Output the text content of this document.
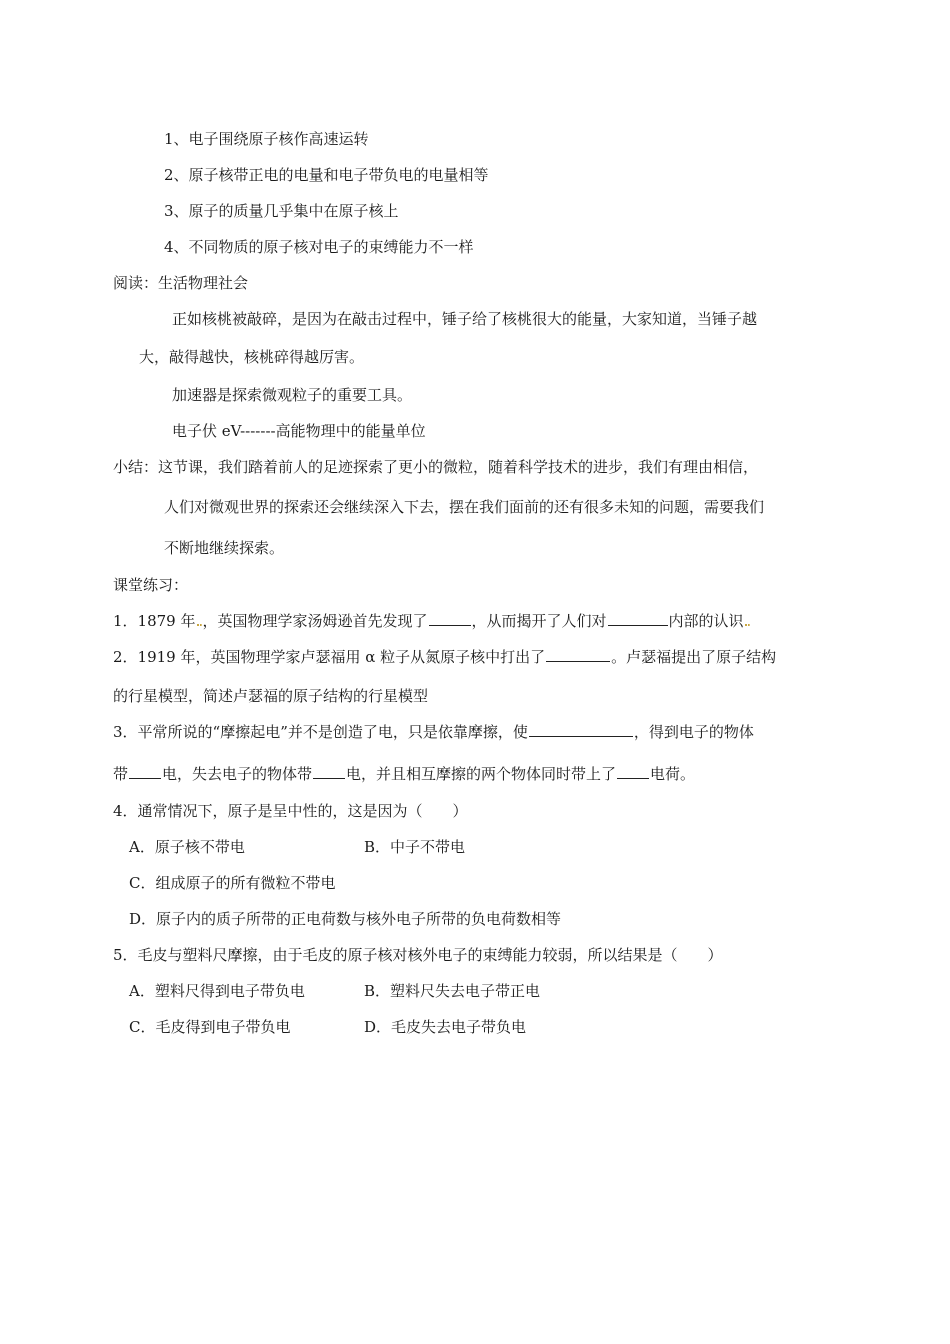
1、电子围绕原子核作高速运转
2、原子核带正电的电量和电子带负电的电量相等
3、原子的质量几乎集中在原子核上
4、不同物质的原子核对电子的束缚能力不一样
阅读：生活物理社会
正如核桃被敲碎，是因为在敲击过程中，锤子给了核桃很大的能量，大家知道，当锤子越
大，敲得越快，核桃碎得越厉害。
加速器是探索微观粒子的重要工具。
电子伏 eV-------高能物理中的能量单位
小结：这节课，我们踏着前人的足迹探索了更小的微粒，随着科学技术的进步，我们有理由相信，
人们对微观世界的探索还会继续深入下去，摆在我们面前的还有很多未知的问题，需要我们
不断地继续探索。
课堂练习：
1．1879 年 ，英国物理学家汤姆逊首先发现了	，从而揭开了人们对	内部的认识
2．1919 年，英国物理学家卢瑟福用 α 粒子从氮原子核中打出了	。卢瑟福提出了原子结构
的行星模型，简述卢瑟福的原子结构的行星模型
3．平常所说的“摩擦起电”并不是创造了电，只是依靠摩擦，使	，得到电子的物体
带 电，失去电子的物体带 电，并且相互摩擦的两个物体同时带上了 电荷。
4．通常情况下，原子是呈中性的，这是因为（　　）
A．原子核不带电	B．中子不带电
C．组成原子的所有微粒不带电
D．原子内的质子所带的正电荷数与核外电子所带的负电荷数相等
5．毛皮与塑料尺摩擦，由于毛皮的原子核对核外电子的束缚能力较弱，所以结果是（　　）
A．塑料尺得到电子带负电	B．塑料尺失去电子带正电
C．毛皮得到电子带负电	D．毛皮失去电子带负电
